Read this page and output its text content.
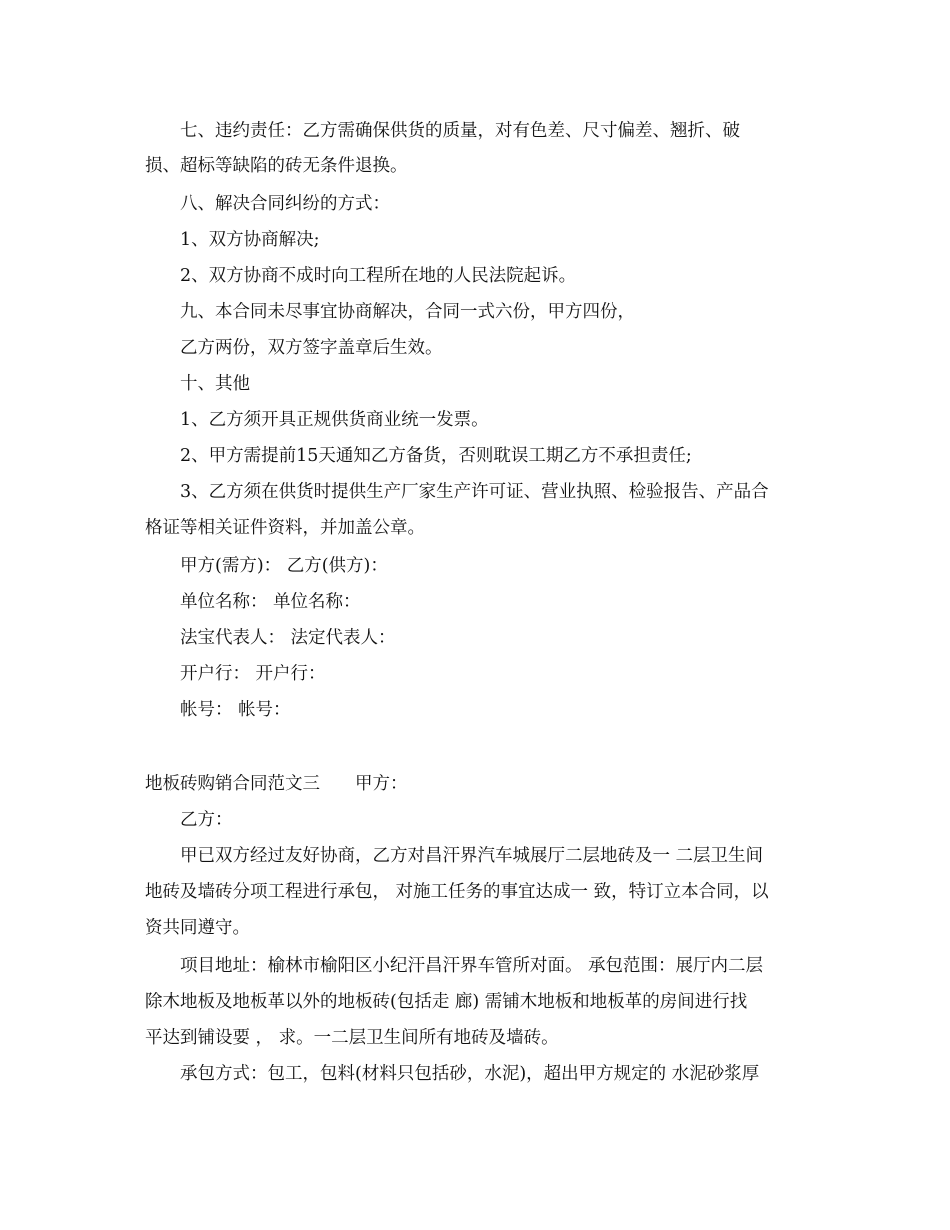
七、违约责任：乙方需确保供货的质量，对有色差、尺寸偏差、翘折、破
损、超标等缺陷的砖无条件退换。
八、解决合同纠纷的方式：
1、双方协商解决;
2、双方协商不成时向工程所在地的人民法院起诉。
九、本合同未尽事宜协商解决，合同一式六份，甲方四份，
乙方两份，双方签字盖章后生效。
十、其他
1、乙方须开具正规供货商业统一发票。
2、甲方需提前15天通知乙方备货，否则耽误工期乙方不承担责任;
3、乙方须在供货时提供生产厂家生产许可证、营业执照、检验报告、产品合
格证等相关证件资料，并加盖公章。
甲方(需方)： 乙方(供方)：
单位名称： 单位名称：
法宝代表人： 法定代表人：
开户行： 开户行：
帐号： 帐号：
地板砖购销合同范文三　　甲方：
乙方：
甲已双方经过友好协商，乙方对昌汗界汽车城展厅二层地砖及一 二层卫生间
地砖及墙砖分项工程进行承包， 对施工任务的事宜达成一 致，特订立本合同，以
资共同遵守。
项目地址：榆林市榆阳区小纪汗昌汗界车管所对面。 承包范围：展厅内二层
除木地板及地板革以外的地板砖(包括走 廊) 需铺木地板和地板革的房间进行找
平达到铺设要 ， 求。一二层卫生间所有地砖及墙砖。
承包方式：包工，包料(材料只包括砂，水泥)，超出甲方规定的 水泥砂浆厚
